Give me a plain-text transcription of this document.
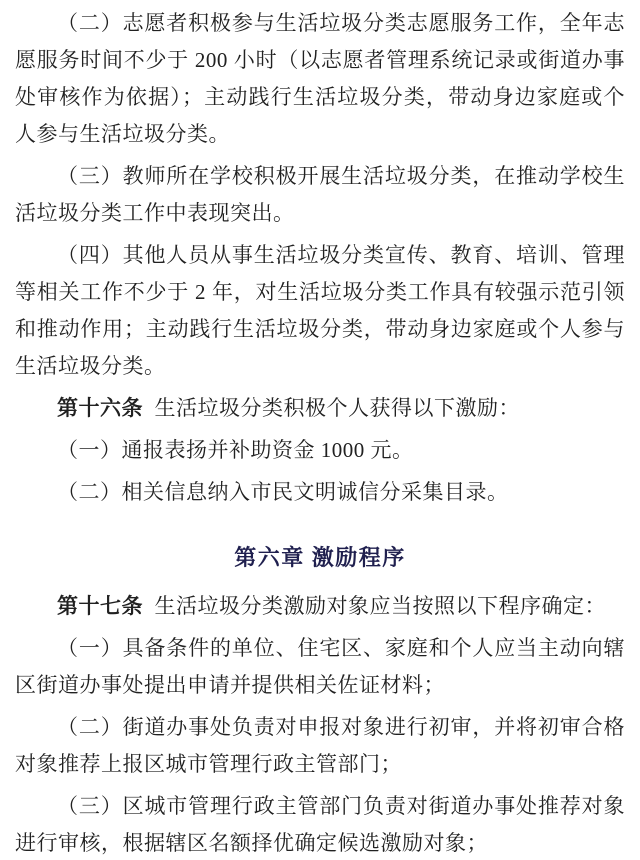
（二）志愿者积极参与生活垃圾分类志愿服务工作，全年志愿服务时间不少于 200 小时（以志愿者管理系统记录或街道办事处审核作为依据）；主动践行生活垃圾分类，带动身边家庭或个人参与生活垃圾分类。

（三）教师所在学校积极开展生活垃圾分类，在推动学校生活垃圾分类工作中表现突出。

（四）其他人员从事生活垃圾分类宣传、教育、培训、管理等相关工作不少于 2 年，对生活垃圾分类工作具有较强示范引领和推动作用；主动践行生活垃圾分类，带动身边家庭或个人参与生活垃圾分类。

第十六条 生活垃圾分类积极个人获得以下激励：

（一）通报表扬并补助资金 1000 元。

（二）相关信息纳入市民文明诚信分采集目录。

第六章 激励程序

第十七条 生活垃圾分类激励对象应当按照以下程序确定：

（一）具备条件的单位、住宅区、家庭和个人应当主动向辖区街道办事处提出申请并提供相关佐证材料；

（二）街道办事处负责对申报对象进行初审，并将初审合格对象推荐上报区城市管理行政主管部门；

（三）区城市管理行政主管部门负责对街道办事处推荐对象进行审核，根据辖区名额择优确定候选激励对象；
